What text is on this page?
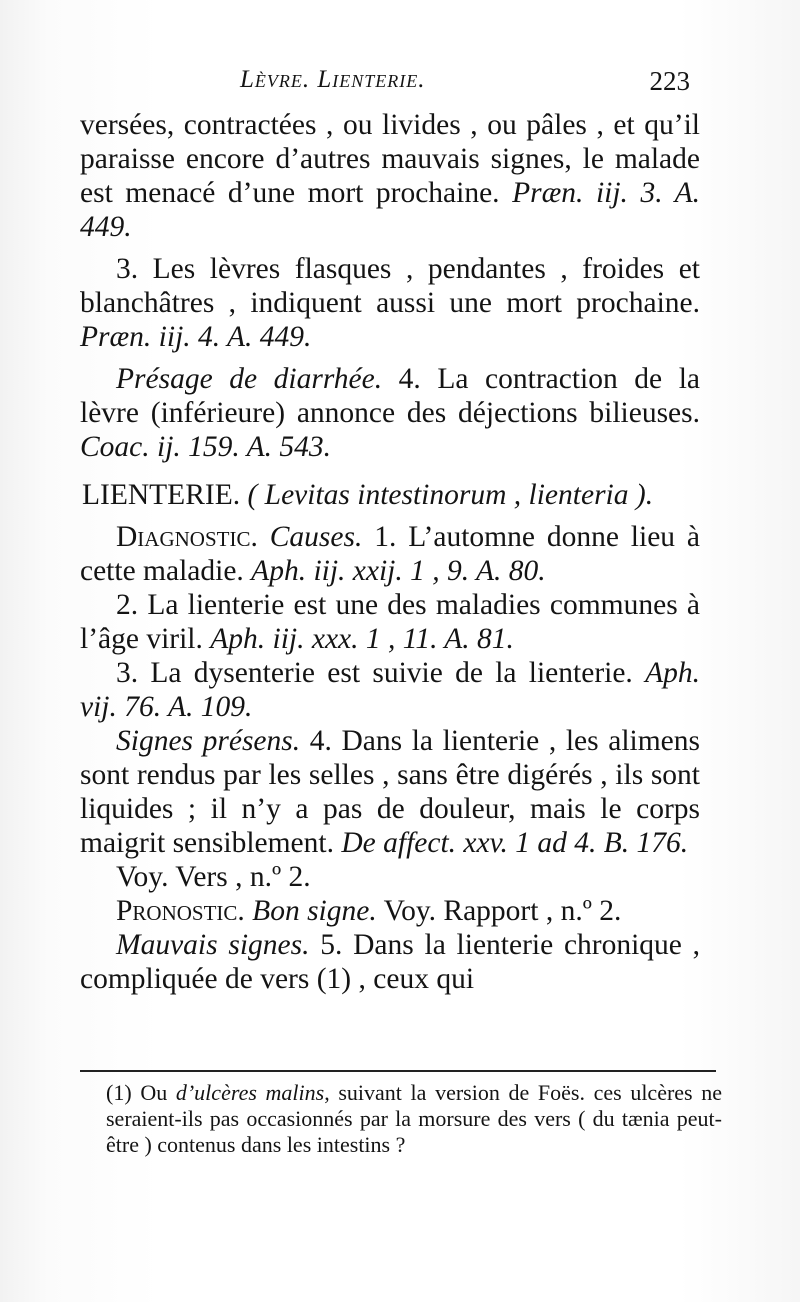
Lèvre. Lienterie.	223

versées, contractées , ou livides , ou pâles , et qu’il paraisse encore d’autres mauvais signes, le malade est menacé d’une mort prochaine. Præn. iij. 3. A. 449.

3. Les lèvres flasques , pendantes , froides et blanchâtres , indiquent aussi une mort prochaine. Præn. iij. 4. A. 449.

Présage de diarrhée. 4. La contraction de la lèvre (inférieure) annonce des déjections bilieuses. Coac. ij. 159. A. 543.

LIENTERIE. ( Levitas intestinorum , lienteria ).

Diagnostic. Causes. 1. L’automne donne lieu à cette maladie. Aph. iij. xxij. 1 , 9. A. 80.

2. La lienterie est une des maladies communes à l’âge viril. Aph. iij. xxx. 1 , 11. A. 81.

3. La dysenterie est suivie de la lienterie. Aph. vij. 76. A. 109.

Signes présens. 4. Dans la lienterie , les alimens sont rendus par les selles , sans être digérés , ils sont liquides ; il n’y a pas de douleur, mais le corps maigrit sensiblement. De affect. xxv. 1 ad 4. B. 176.

Voy. Vers , n.º 2.

Pronostic. Bon signe. Voy. Rapport , n.º 2.

Mauvais signes. 5. Dans la lienterie chronique , compliquée de vers (1) , ceux qui

(1) Ou d’ulcères malins, suivant la version de Foës. ces ulcères ne seraient-ils pas occasionnés par la morsure des vers ( du tænia peut-être ) contenus dans les intestins ?
